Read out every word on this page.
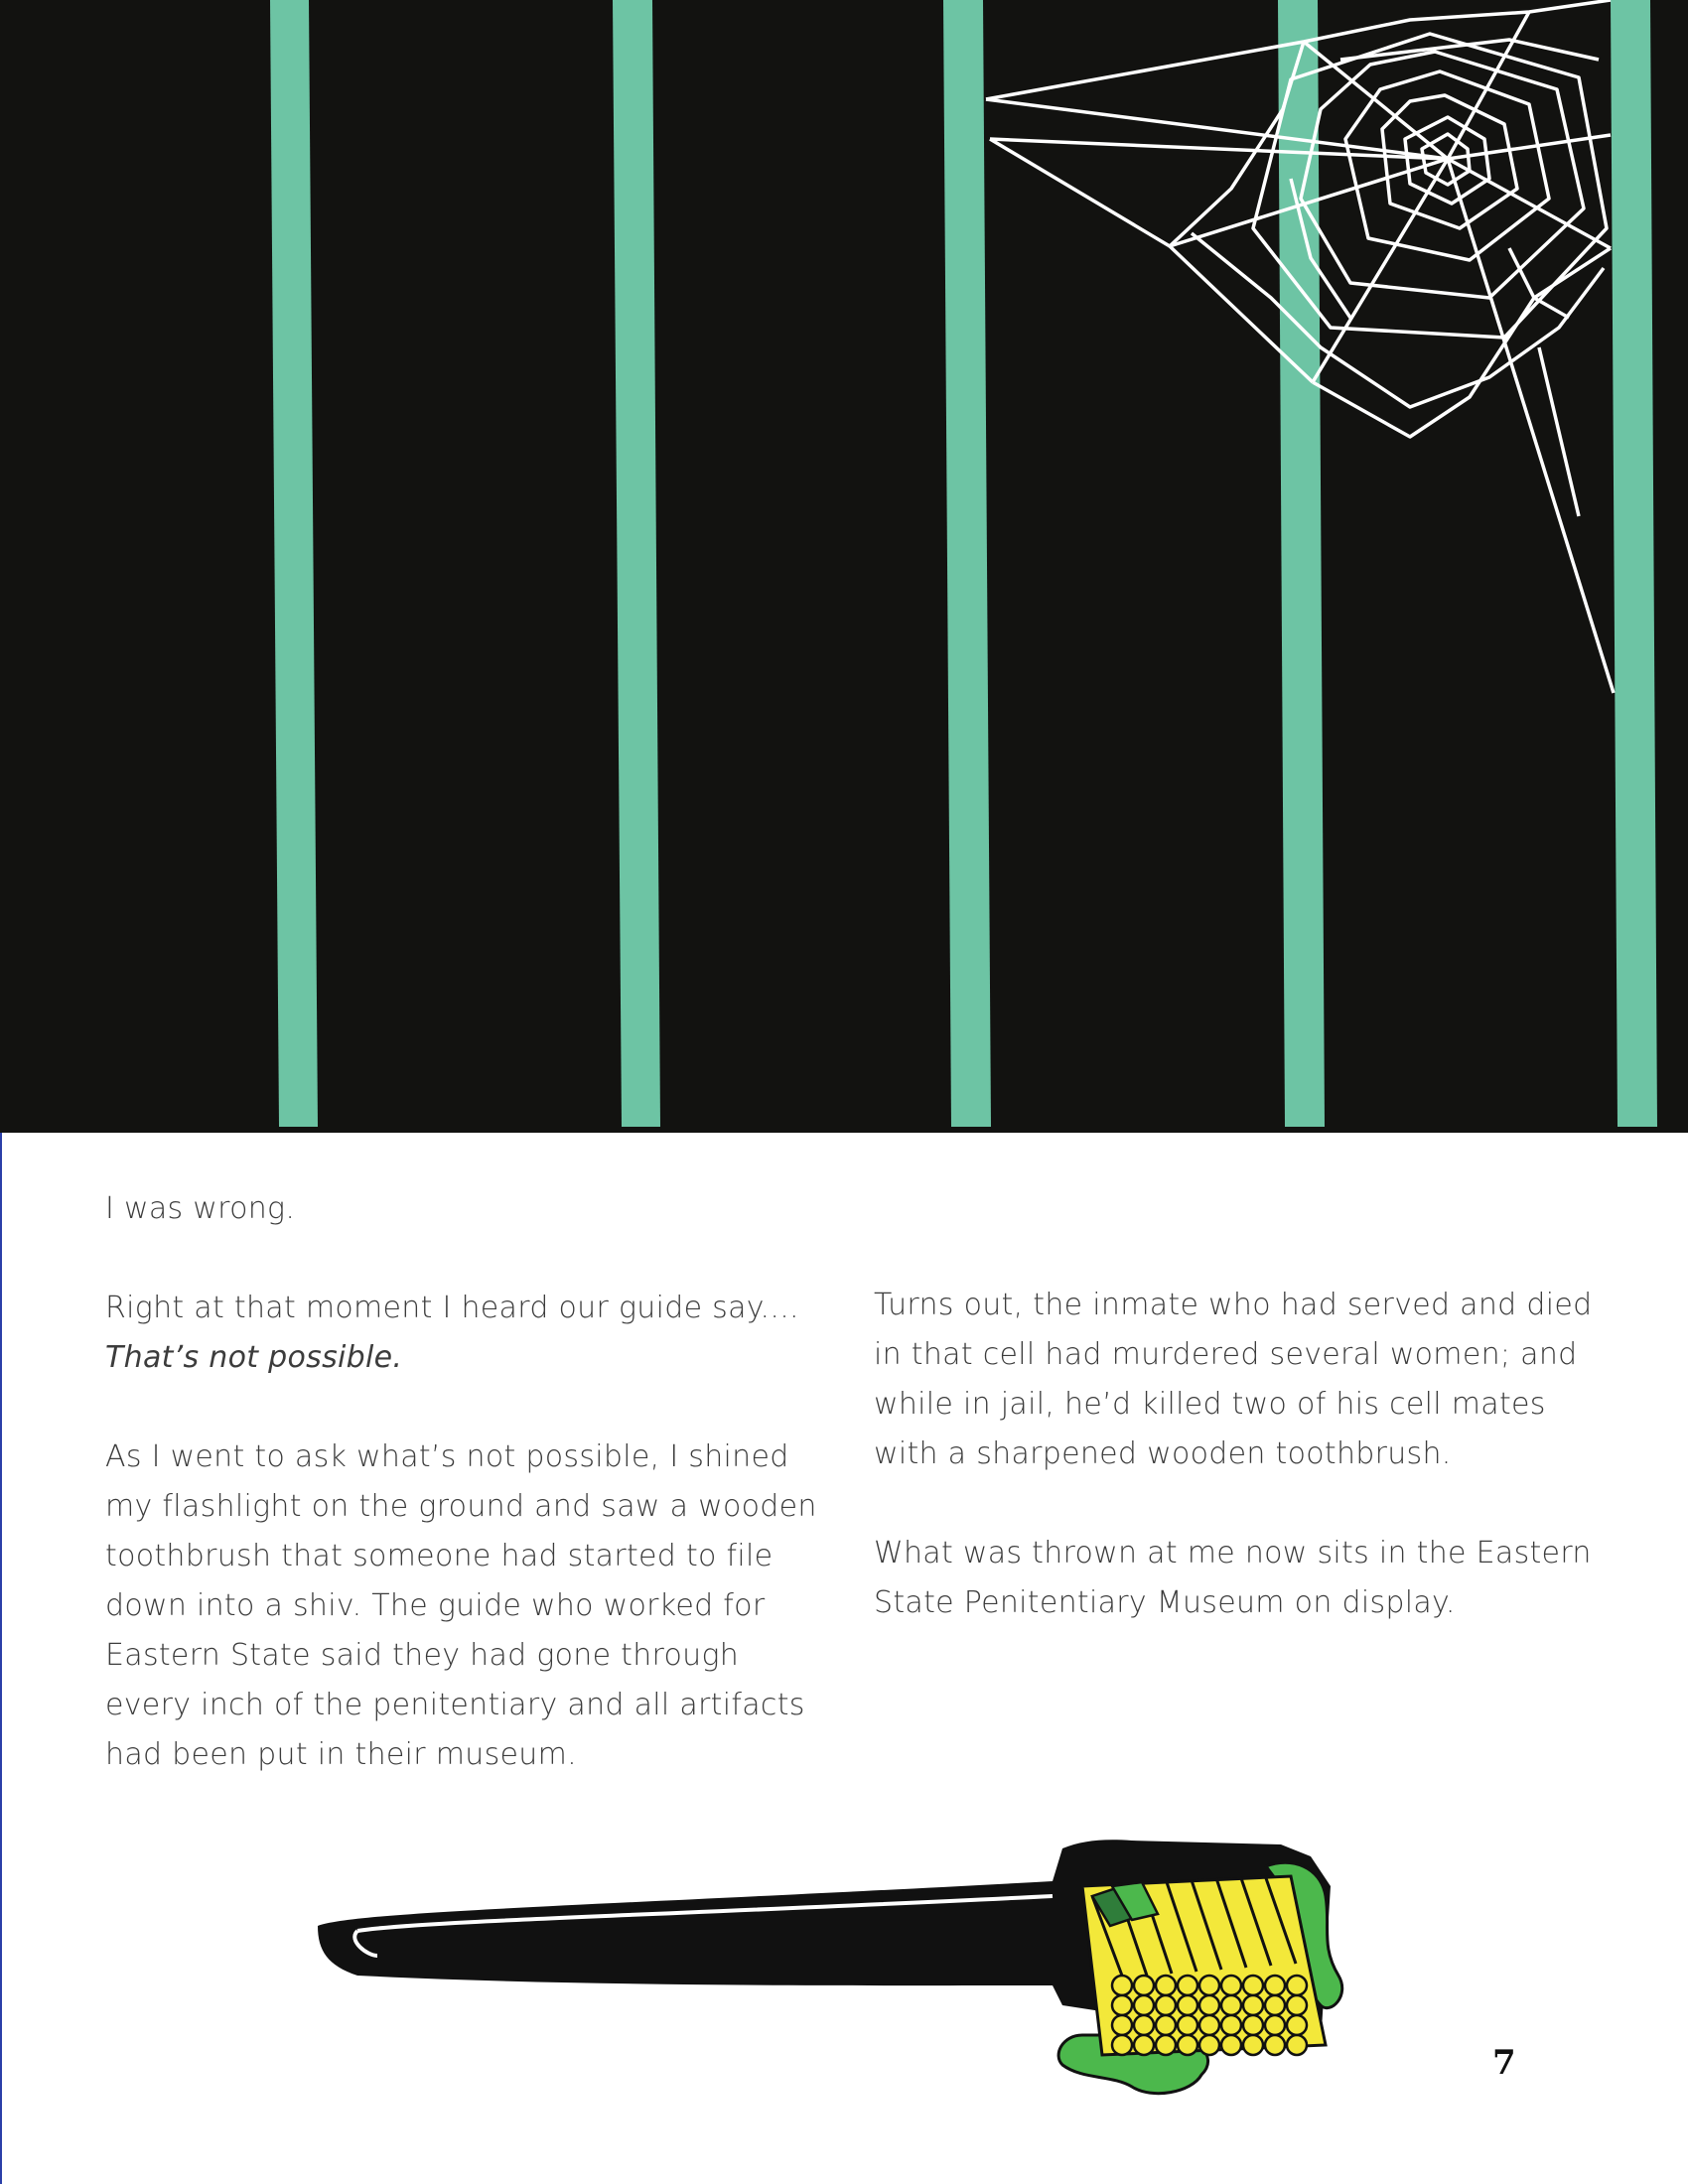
I was wrong.

Right at that moment I heard our guide say....
That’s not possible.

As I went to ask what’s not possible, I shined my flashlight on the ground and saw a wooden toothbrush that someone had started to file down into a shiv. The guide who worked for Eastern State said they had gone through every inch of the penitentiary and all artifacts had been put in their museum.

Turns out, the inmate who had served and died in that cell had murdered several women; and while in jail, he’d killed two of his cell mates with a sharpened wooden toothbrush.

What was thrown at me now sits in the Eastern State Penitentiary Museum on display.

7
